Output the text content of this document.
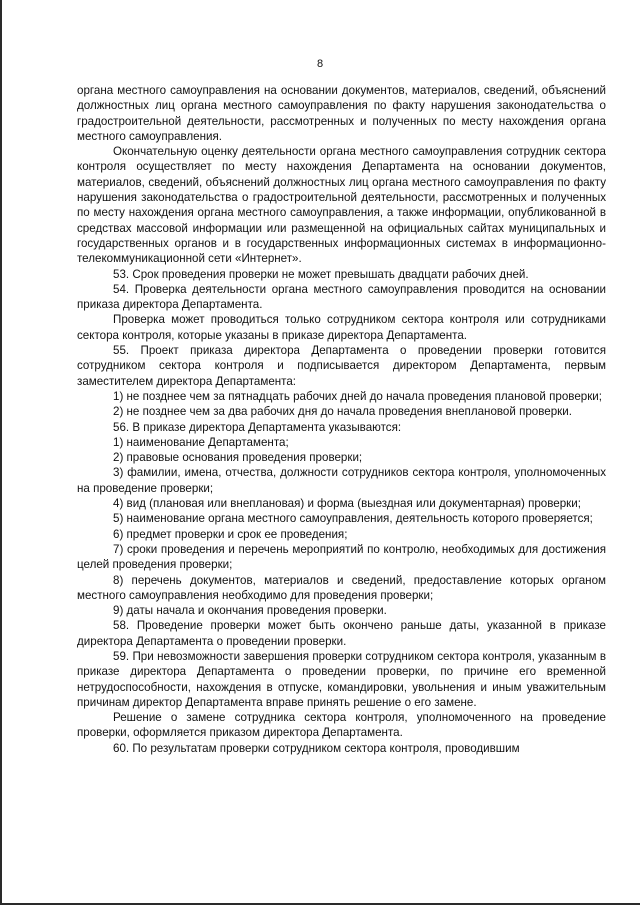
8

органа местного самоуправления на основании документов, материалов, сведений, объяснений должностных лиц органа местного самоуправления по факту нарушения законодательства о градостроительной деятельности, рассмотренных и полученных по месту нахождения органа местного самоуправления.

Окончательную оценку деятельности органа местного самоуправления сотрудник сектора контроля осуществляет по месту нахождения Департамента на основании документов, материалов, сведений, объяснений должностных лиц органа местного самоуправления по факту нарушения законодательства о градостроительной деятельности, рассмотренных и полученных по месту нахождения органа местного самоуправления, а также информации, опубликованной в средствах массовой информации или размещенной на официальных сайтах муниципальных и государственных органов и в государственных информационных системах в информационно-телекоммуникационной сети «Интернет».

53. Срок проведения проверки не может превышать двадцати рабочих дней.

54. Проверка деятельности органа местного самоуправления проводится на основании приказа директора Департамента.

Проверка может проводиться только сотрудником сектора контроля или сотрудниками сектора контроля, которые указаны в приказе директора Департамента.

55. Проект приказа директора Департамента о проведении проверки готовится сотрудником сектора контроля и подписывается директором Департамента, первым заместителем директора Департамента:

1) не позднее чем за пятнадцать рабочих дней до начала проведения плановой проверки;

2) не позднее чем за два рабочих дня до начала проведения внеплановой проверки.

56. В приказе директора Департамента указываются:

1) наименование Департамента;

2) правовые основания проведения проверки;

3) фамилии, имена, отчества, должности сотрудников сектора контроля, уполномоченных на проведение проверки;

4) вид (плановая или внеплановая) и форма (выездная или документарная) проверки;

5) наименование органа местного самоуправления, деятельность которого проверяется;

6) предмет проверки и срок ее проведения;

7) сроки проведения и перечень мероприятий по контролю, необходимых для достижения целей проведения проверки;

8) перечень документов, материалов и сведений, предоставление которых органом местного самоуправления необходимо для проведения проверки;

9) даты начала и окончания проведения проверки.

58. Проведение проверки может быть окончено раньше даты, указанной в приказе директора Департамента о проведении проверки.

59. При невозможности завершения проверки сотрудником сектора контроля, указанным в приказе директора Департамента о проведении проверки, по причине его временной нетрудоспособности, нахождения в отпуске, командировки, увольнения и иным уважительным причинам директор Департамента вправе принять решение о его замене.

Решение о замене сотрудника сектора контроля, уполномоченного на проведение проверки, оформляется приказом директора Департамента.

60. По результатам проверки сотрудником сектора контроля, проводившим
